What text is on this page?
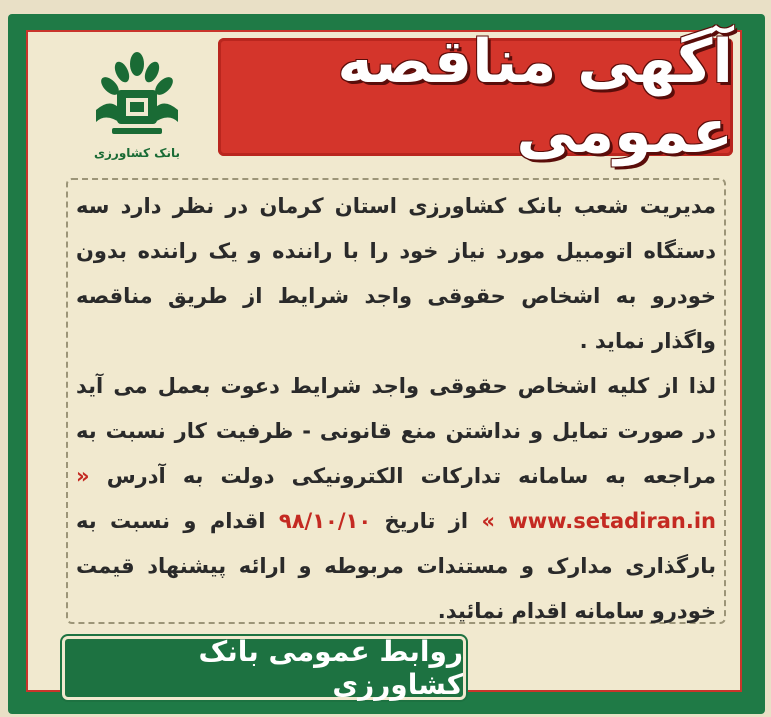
آگهی مناقصه عمومی
بانک کشاورزی

مدیریت شعب بانک کشاورزی استان کرمان در نظر دارد سه دستگاه اتومبیل مورد نیاز خود را با راننده و یک راننده بدون خودرو به اشخاص حقوقی واجد شرایط از طریق مناقصه واگذار نماید .

لذا از کلیه اشخاص حقوقی واجد شرایط دعوت بعمل می آید در صورت تمایل و نداشتن منع قانونی - ظرفیت کار نسبت به مراجعه به سامانه تدارکات الکترونیکی دولت به آدرس « www.setadiran.in » از تاریخ ۹۸/۱۰/۱۰ اقدام و نسبت به بارگذاری مدارک و مستندات مربوطه و ارائه پیشنهاد قیمت خودرو سامانه اقدام نمائید.

روابط عمومی بانک کشاورزی
